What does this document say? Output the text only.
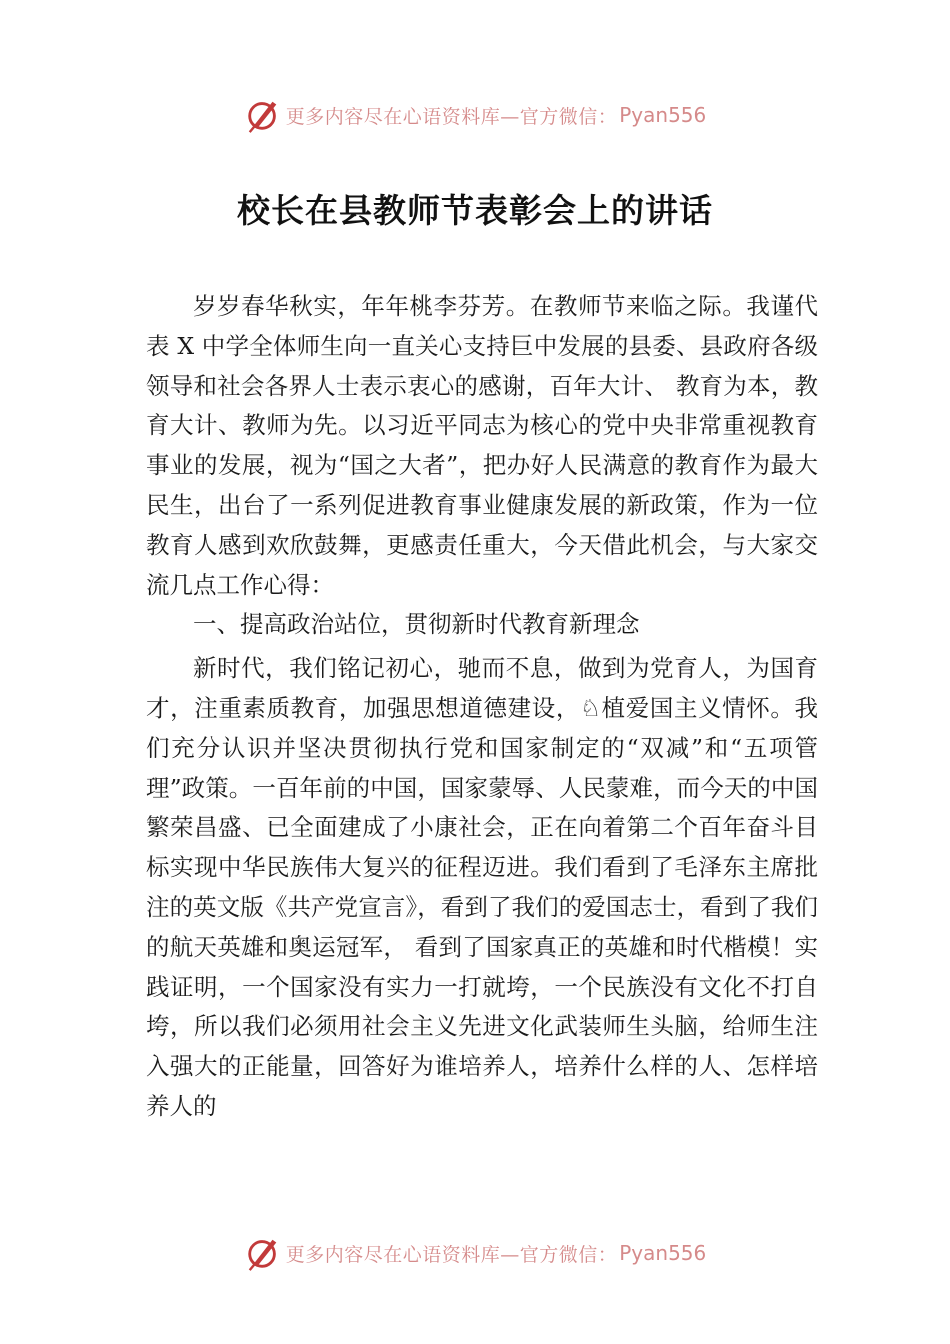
更多内容尽在心语资料库—官方微信： Pyan556
校长在县教师节表彰会上的讲话

岁岁春华秋实，年年桃李芬芳。在教师节来临之际。我谨代表 X 中学全体师生向一直关心支持巨中发展的县委、县政府各级领导和社会各界人士表示衷心的感谢，百年大计、 教育为本，教育大计、教师为先。以习近平同志为核心的党中央非常重视教育事业的发展，视为“国之大者”，把办好人民满意的教育作为最大民生，出台了一系列促进教育事业健康发展的新政策，作为一位教育人感到欢欣鼓舞，更感责任重大，今天借此机会，与大家交流几点工作心得：

一、提高政治站位，贯彻新时代教育新理念

新时代，我们铭记初心，驰而不息，做到为党育人，为国育才，注重素质教育，加强思想道德建设，♘植爱国主义情怀。我们充分认识并坚决贯彻执行党和国家制定的“双减”和“五项管理”政策。一百年前的中国，国家蒙辱、人民蒙难，而今天的中国繁荣昌盛、已全面建成了小康社会，正在向着第二个百年奋斗目标实现中华民族伟大复兴的征程迈进。我们看到了毛泽东主席批注的英文版《共产党宣言》，看到了我们的爱国志士，看到了我们的航天英雄和奥运冠军， 看到了国家真正的英雄和时代楷模！实践证明，一个国家没有实力一打就垮，一个民族没有文化不打自垮，所以我们必须用社会主义先进文化武装师生头脑，给师生注入强大的正能量，回答好为谁培养人，培养什么样的人、怎样培养人的

更多内容尽在心语资料库—官方微信： Pyan556
